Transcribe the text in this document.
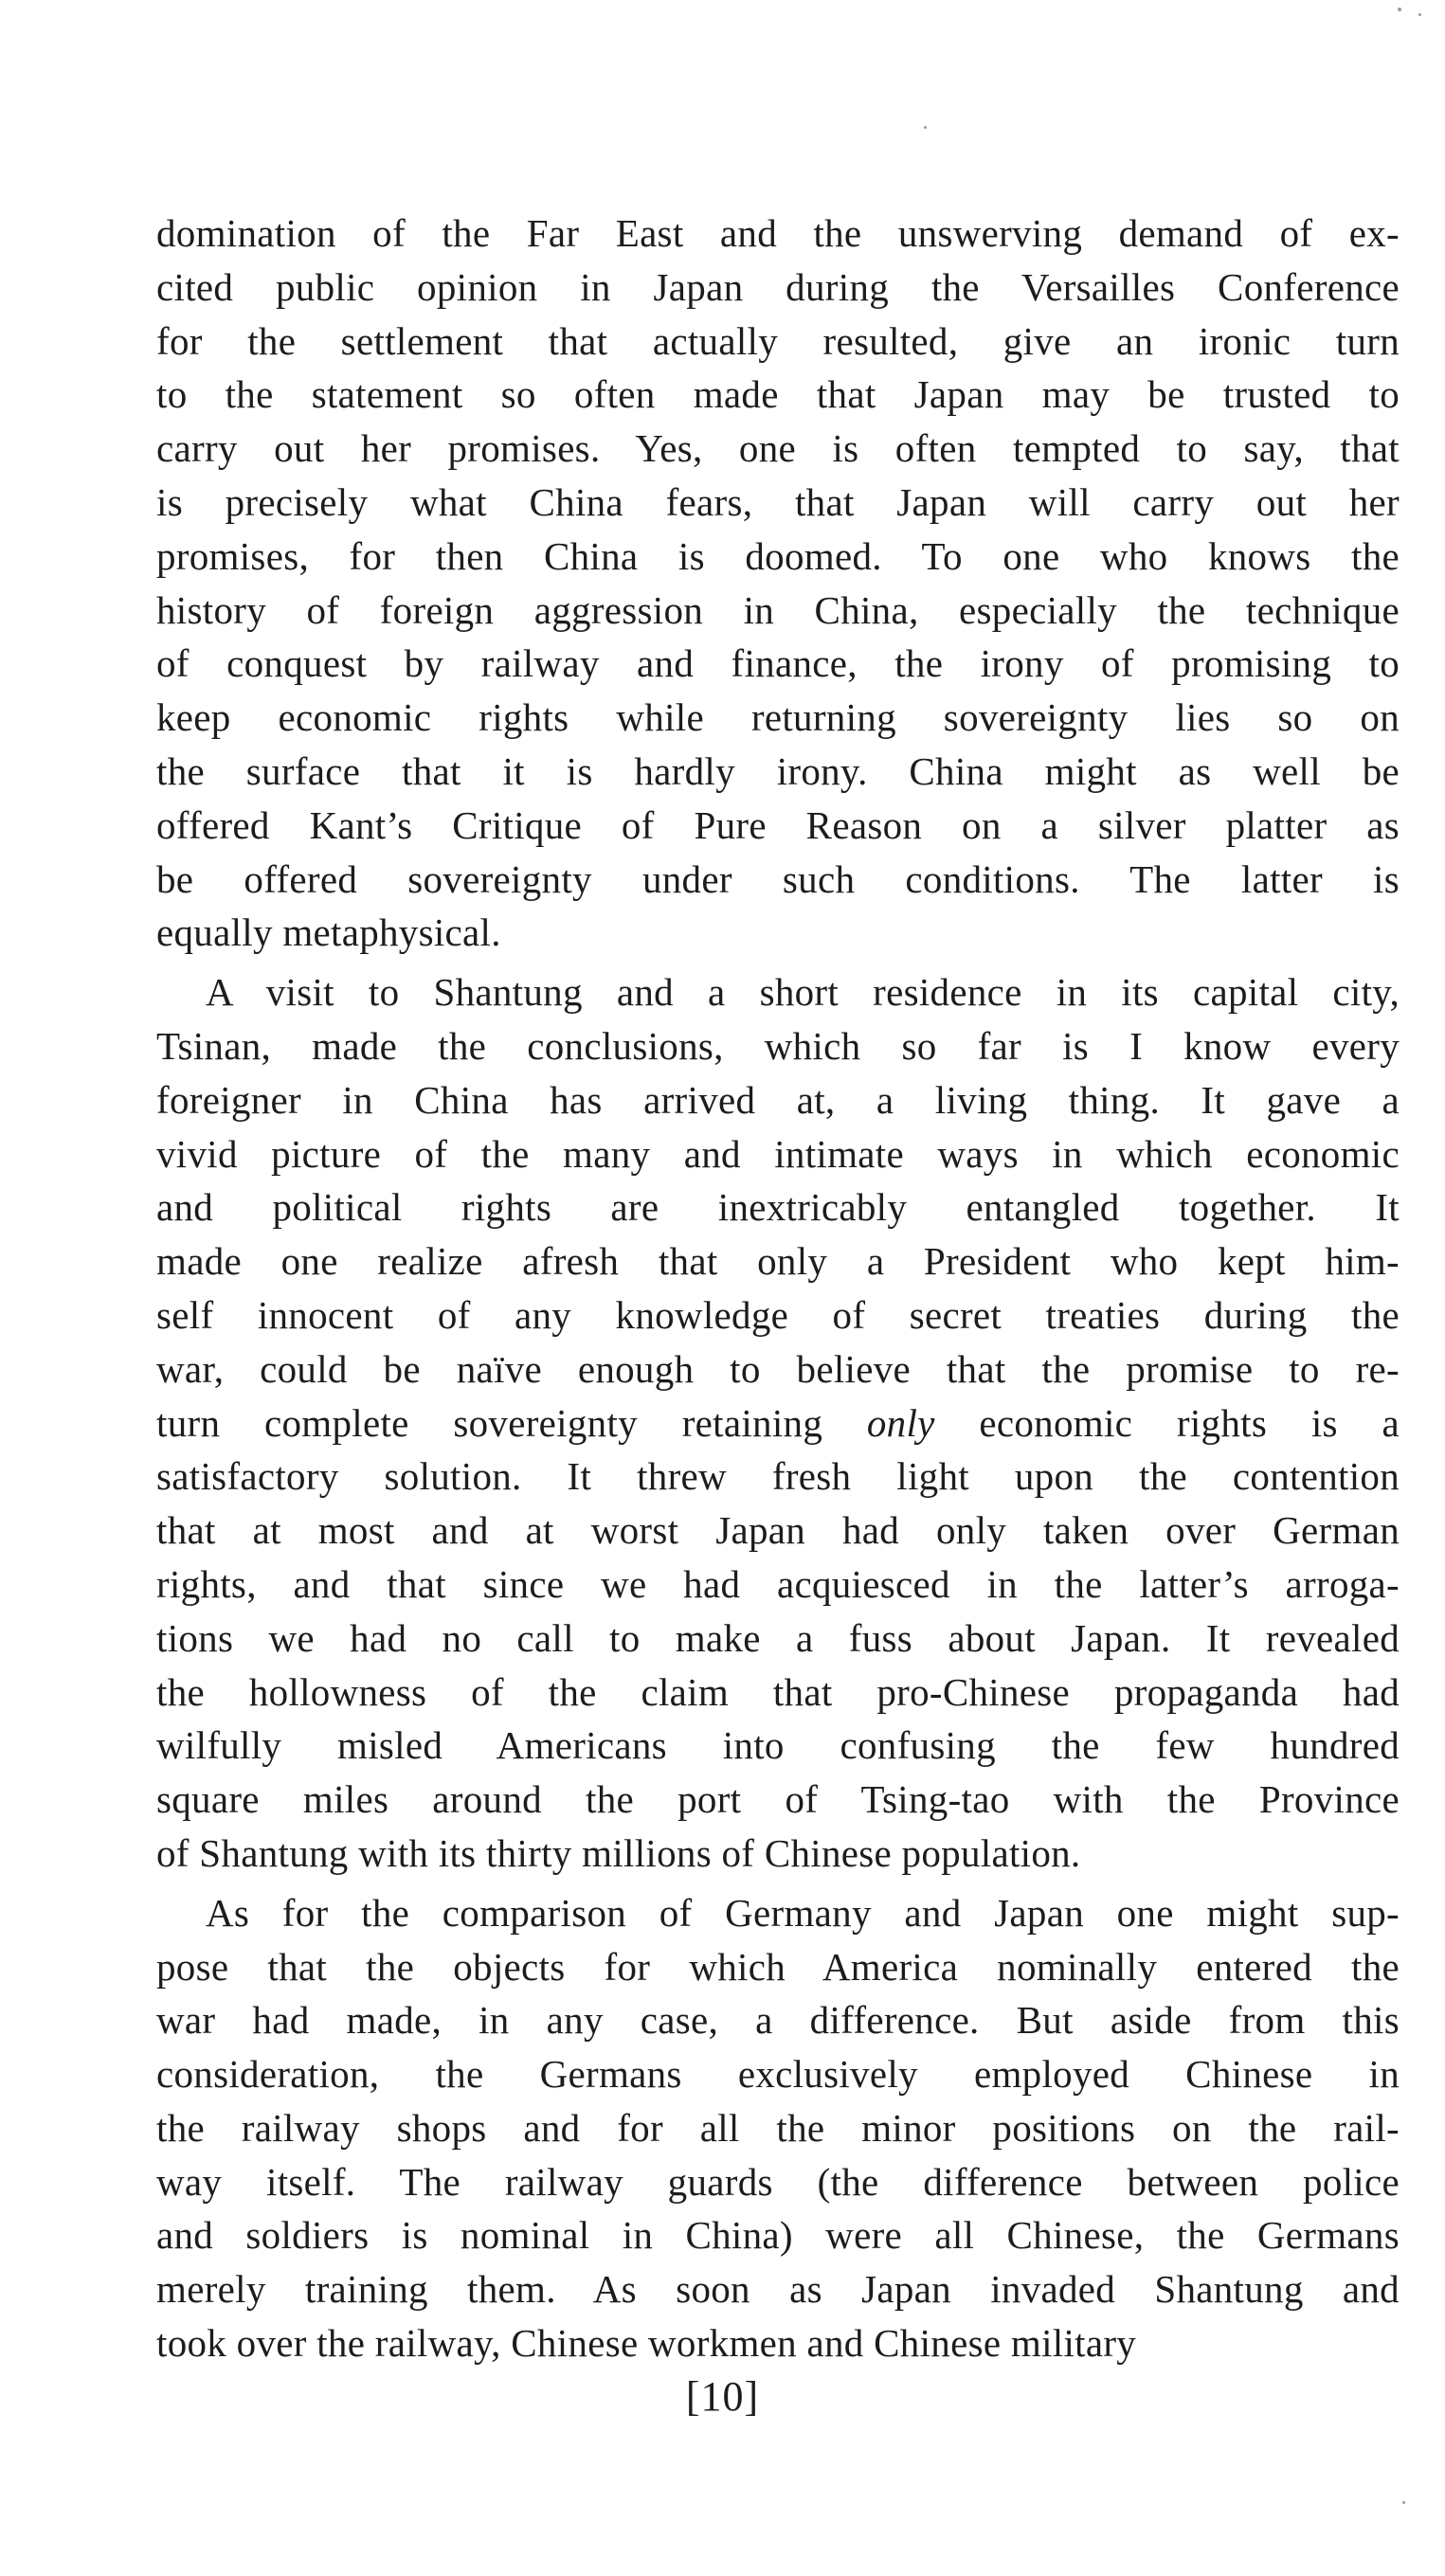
domination of the Far East and the unswerving demand of ex-
cited public opinion in Japan during the Versailles Conference
for the settlement that actually resulted, give an ironic turn
to the statement so often made that Japan may be trusted to
carry out her promises. Yes, one is often tempted to say, that
is precisely what China fears, that Japan will carry out her
promises, for then China is doomed. To one who knows the
history of foreign aggression in China, especially the technique
of conquest by railway and finance, the irony of promising to
keep economic rights while returning sovereignty lies so on
the surface that it is hardly irony. China might as well be
offered Kant’s Critique of Pure Reason on a silver platter as
be offered sovereignty under such conditions. The latter is
equally metaphysical.
A visit to Shantung and a short residence in its capital city,
Tsinan, made the conclusions, which so far is I know every
foreigner in China has arrived at, a living thing. It gave a
vivid picture of the many and intimate ways in which economic
and political rights are inextricably entangled together. It
made one realize afresh that only a President who kept him-
self innocent of any knowledge of secret treaties during the
war, could be naïve enough to believe that the promise to re-
turn complete sovereignty retaining only economic rights is a
satisfactory solution. It threw fresh light upon the contention
that at most and at worst Japan had only taken over German
rights, and that since we had acquiesced in the latter’s arroga-
tions we had no call to make a fuss about Japan. It revealed
the hollowness of the claim that pro-Chinese propaganda had
wilfully misled Americans into confusing the few hundred
square miles around the port of Tsing-tao with the Province
of Shantung with its thirty millions of Chinese population.
As for the comparison of Germany and Japan one might sup-
pose that the objects for which America nominally entered the
war had made, in any case, a difference. But aside from this
consideration, the Germans exclusively employed Chinese in
the railway shops and for all the minor positions on the rail-
way itself. The railway guards (the difference between police
and soldiers is nominal in China) were all Chinese, the Germans
merely training them. As soon as Japan invaded Shantung and
took over the railway, Chinese workmen and Chinese military
[10]
